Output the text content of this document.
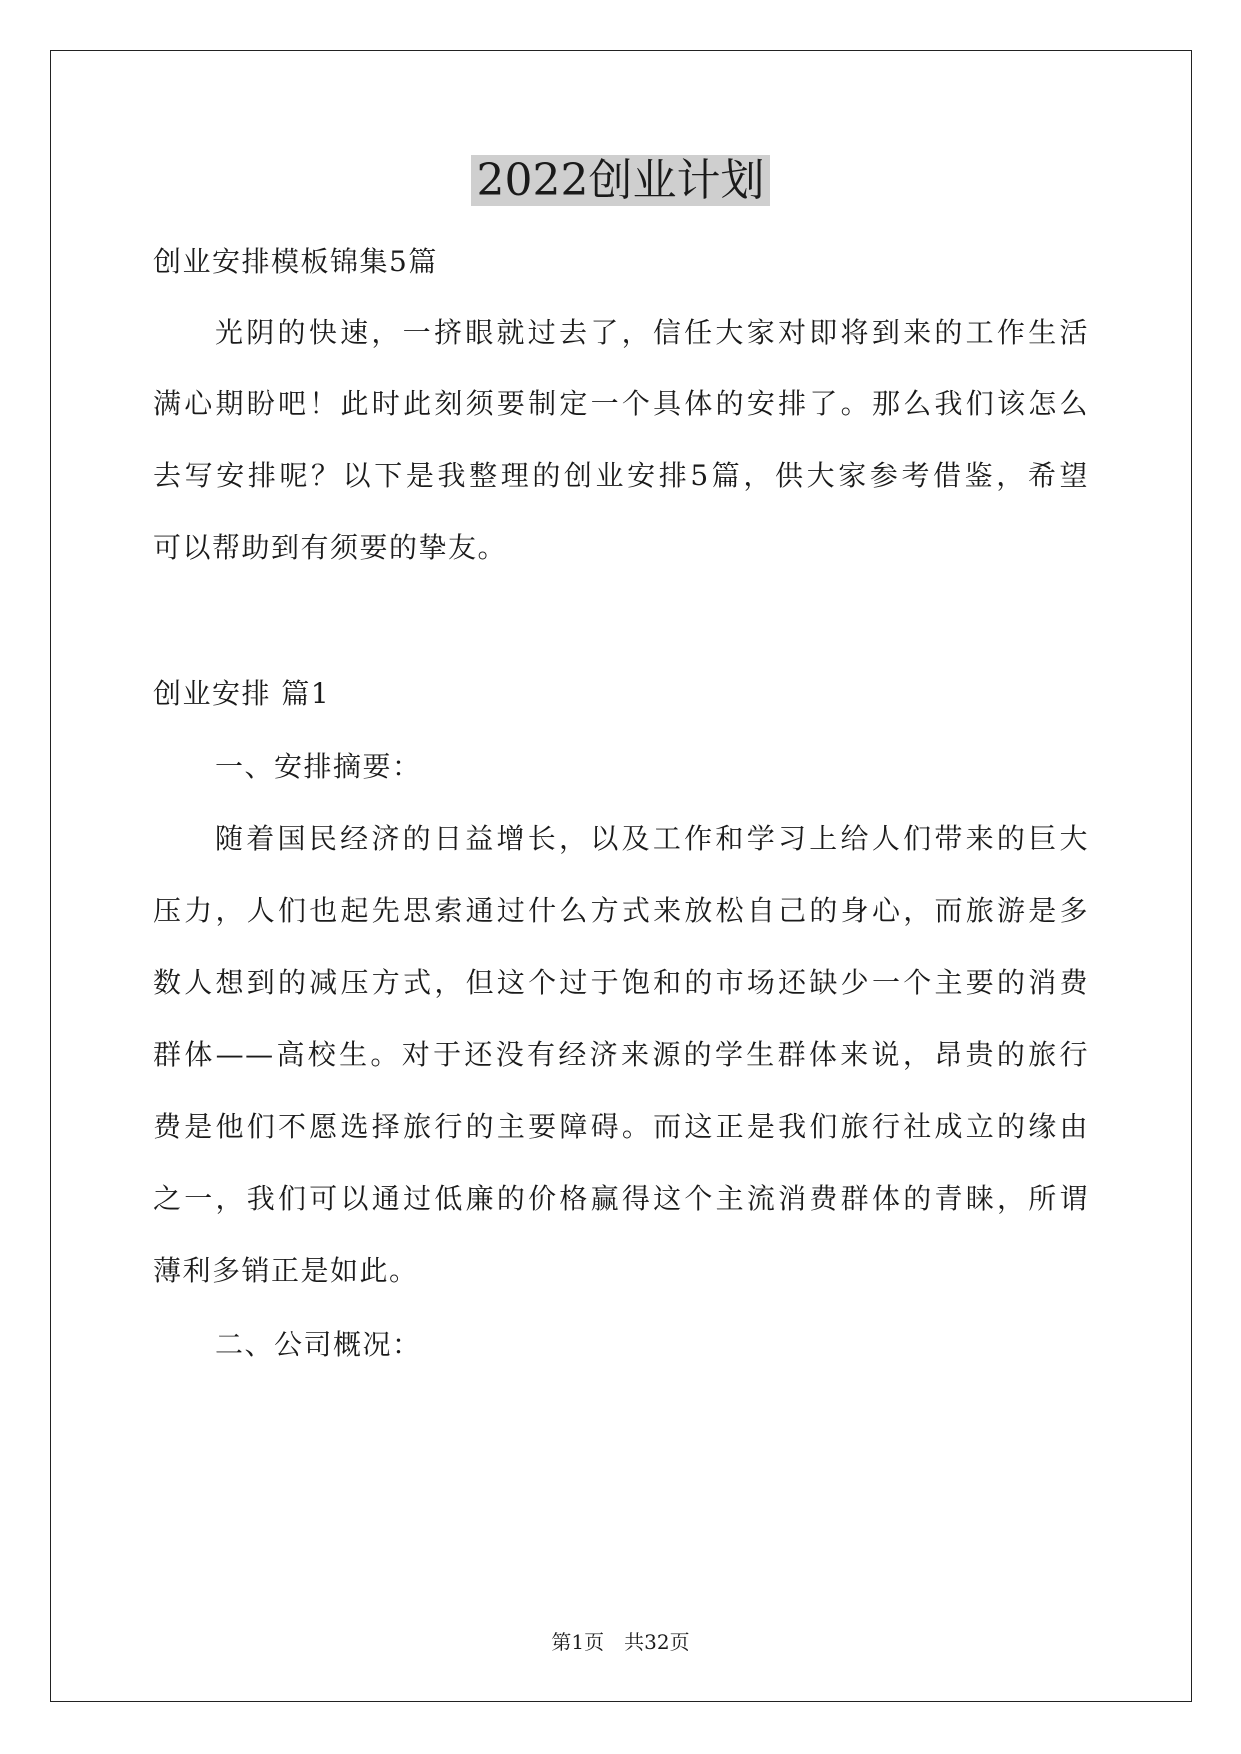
2022创业计划
创业安排模板锦集5篇
光阴的快速，一挤眼就过去了，信任大家对即将到来的工作生活
满心期盼吧！此时此刻须要制定一个具体的安排了。那么我们该怎么
去写安排呢？以下是我整理的创业安排5篇，供大家参考借鉴，希望
可以帮助到有须要的挚友。
创业安排 篇1
一、安排摘要：
随着国民经济的日益增长，以及工作和学习上给人们带来的巨大
压力，人们也起先思索通过什么方式来放松自己的身心，而旅游是多
数人想到的减压方式，但这个过于饱和的市场还缺少一个主要的消费
群体——高校生。对于还没有经济来源的学生群体来说，昂贵的旅行
费是他们不愿选择旅行的主要障碍。而这正是我们旅行社成立的缘由
之一，我们可以通过低廉的价格赢得这个主流消费群体的青睐，所谓
薄利多销正是如此。
二、公司概况：
第1页　共32页
